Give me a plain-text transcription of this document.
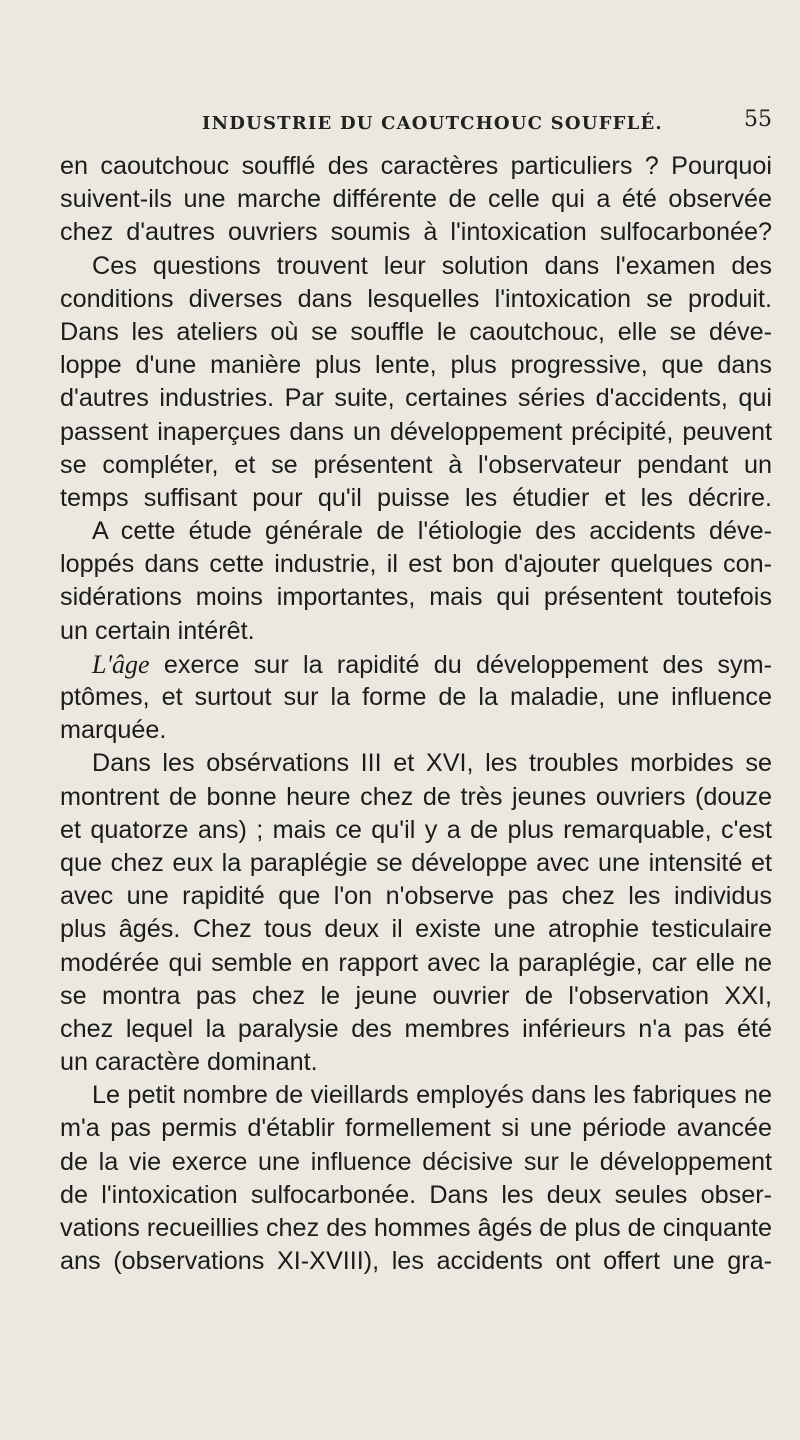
INDUSTRIE DU CAOUTCHOUC SOUFFLÉ.	55
en caoutchouc soufflé des caractères particuliers ? Pourquoi
suivent-ils une marche différente de celle qui a été observée
chez d'autres ouvriers soumis à l'intoxication sulfocarbonée?
Ces questions trouvent leur solution dans l'examen des
conditions diverses dans lesquelles l'intoxication se produit.
Dans les ateliers où se souffle le caoutchouc, elle se déve-
loppe d'une manière plus lente, plus progressive, que dans
d'autres industries. Par suite, certaines séries d'accidents, qui
passent inaperçues dans un développement précipité, peuvent
se compléter, et se présentent à l'observateur pendant un
temps suffisant pour qu'il puisse les étudier et les décrire.
A cette étude générale de l'étiologie des accidents déve-
loppés dans cette industrie, il est bon d'ajouter quelques con-
sidérations moins importantes, mais qui présentent toutefois
un certain intérêt.
L'âge exerce sur la rapidité du développement des sym-
ptômes, et surtout sur la forme de la maladie, une influence
marquée.
Dans les obsérvations III et XVI, les troubles morbides se
montrent de bonne heure chez de très jeunes ouvriers (douze
et quatorze ans) ; mais ce qu'il y a de plus remarquable, c'est
que chez eux la paraplégie se développe avec une intensité et
avec une rapidité que l'on n'observe pas chez les individus
plus âgés. Chez tous deux il existe une atrophie testiculaire
modérée qui semble en rapport avec la paraplégie, car elle ne
se montra pas chez le jeune ouvrier de l'observation XXI,
chez lequel la paralysie des membres inférieurs n'a pas été
un caractère dominant.
Le petit nombre de vieillards employés dans les fabriques ne
m'a pas permis d'établir formellement si une période avancée
de la vie exerce une influence décisive sur le développement
de l'intoxication sulfocarbonée. Dans les deux seules obser-
vations recueillies chez des hommes âgés de plus de cinquante
ans (observations XI-XVIII), les accidents ont offert une gra-
